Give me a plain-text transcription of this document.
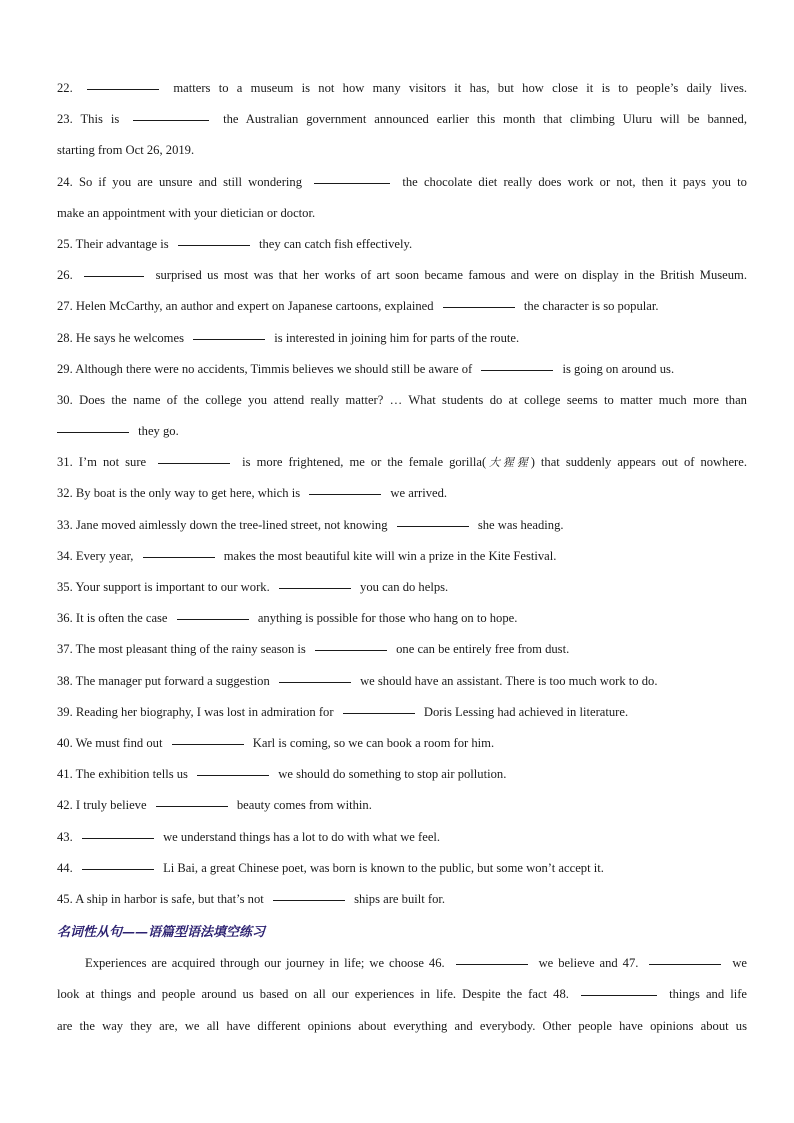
22.	matters to a museum is not how many visitors it has, but how close it is to people’s daily lives.
23. This is	the Australian government announced earlier this month that climbing Uluru will be banned,
starting from Oct 26, 2019.
24. So if you are unsure and still wondering	the chocolate diet really does work or not, then it pays you to
make an appointment with your dietician or doctor.
25. Their advantage is	they can catch fish effectively.
26.	surprised us most was that her works of art soon became famous and were on display in the British Museum.
27. Helen McCarthy, an author and expert on Japanese cartoons, explained	the character is so popular.
28. He says he welcomes	is interested in joining him for parts of the route.
29. Although there were no accidents, Timmis believes we should still be aware of	is going on around us.
30. Does the name of the college you attend really matter? … What students do at college seems to matter much more than
they go.
31. I’m not sure	is more frightened, me or the female gorilla(大猩猩) that suddenly appears out of nowhere.
32. By boat is the only way to get here, which is	we arrived.
33. Jane moved aimlessly down the tree-lined street, not knowing	she was heading.
34. Every year,	makes the most beautiful kite will win a prize in the Kite Festival.
35. Your support is important to our work.	you can do helps.
36. It is often the case	anything is possible for those who hang on to hope.
37. The most pleasant thing of the rainy season is	one can be entirely free from dust.
38. The manager put forward a suggestion	we should have an assistant. There is too much work to do.
39. Reading her biography, I was lost in admiration for	Doris Lessing had achieved in literature.
40. We must find out	Karl is coming, so we can book a room for him.
41. The exhibition tells us	we should do something to stop air pollution.
42. I truly believe	beauty comes from within.
43.	we understand things has a lot to do with what we feel.
44.	Li Bai, a great Chinese poet, was born is known to the public, but some won’t accept it.
45. A ship in harbor is safe, but that’s not	ships are built for.
名词性从句——语篇型语法填空练习
Experiences are acquired through our journey in life; we choose 46.	we believe and 47.	we
look at things and people around us based on all our experiences in life. Despite the fact 48.	things and life
are the way they are, we all have different opinions about everything and everybody. Other people have opinions about us
